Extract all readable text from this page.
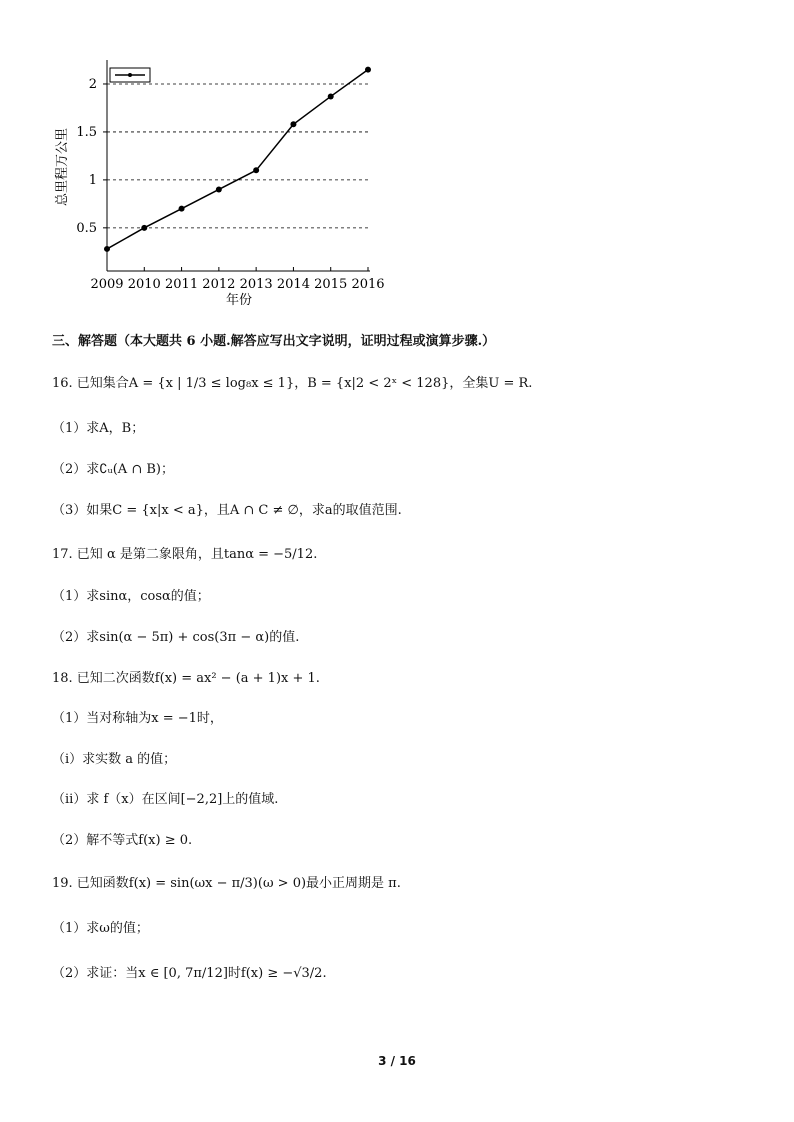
0.5
1
1.5
2
2009 2010 2011 2012 2013 2014 2015 2016
总里程万公里
年份
三、解答题（本大题共 6 小题.解答应写出文字说明，证明过程或演算步骤.）
16. 已知集合A = {x | 1/3 ≤ log₈x ≤ 1}，B = {x|2 < 2ˣ < 128}，全集U = R.
（1）求A，B；
（2）求∁ᵤ(A ∩ B)；
（3）如果C = {x|x < a}，且A ∩ C ≠ ∅，求a的取值范围.
17. 已知 α 是第二象限角，且tanα = −5/12.
（1）求sinα，cosα的值；
（2）求sin(α − 5π) + cos(3π − α)的值.
18. 已知二次函数f(x) = ax² − (a + 1)x + 1.
（1）当对称轴为x = −1时，
（i）求实数 a 的值；
（ii）求 f（x）在区间[−2,2]上的值域.
（2）解不等式f(x) ≥ 0.
19. 已知函数f(x) = sin(ωx − π/3)(ω > 0)最小正周期是 π.
（1）求ω的值；
（2）求证：当x ∈ [0, 7π/12]时f(x) ≥ −√3/2.
3 / 16
